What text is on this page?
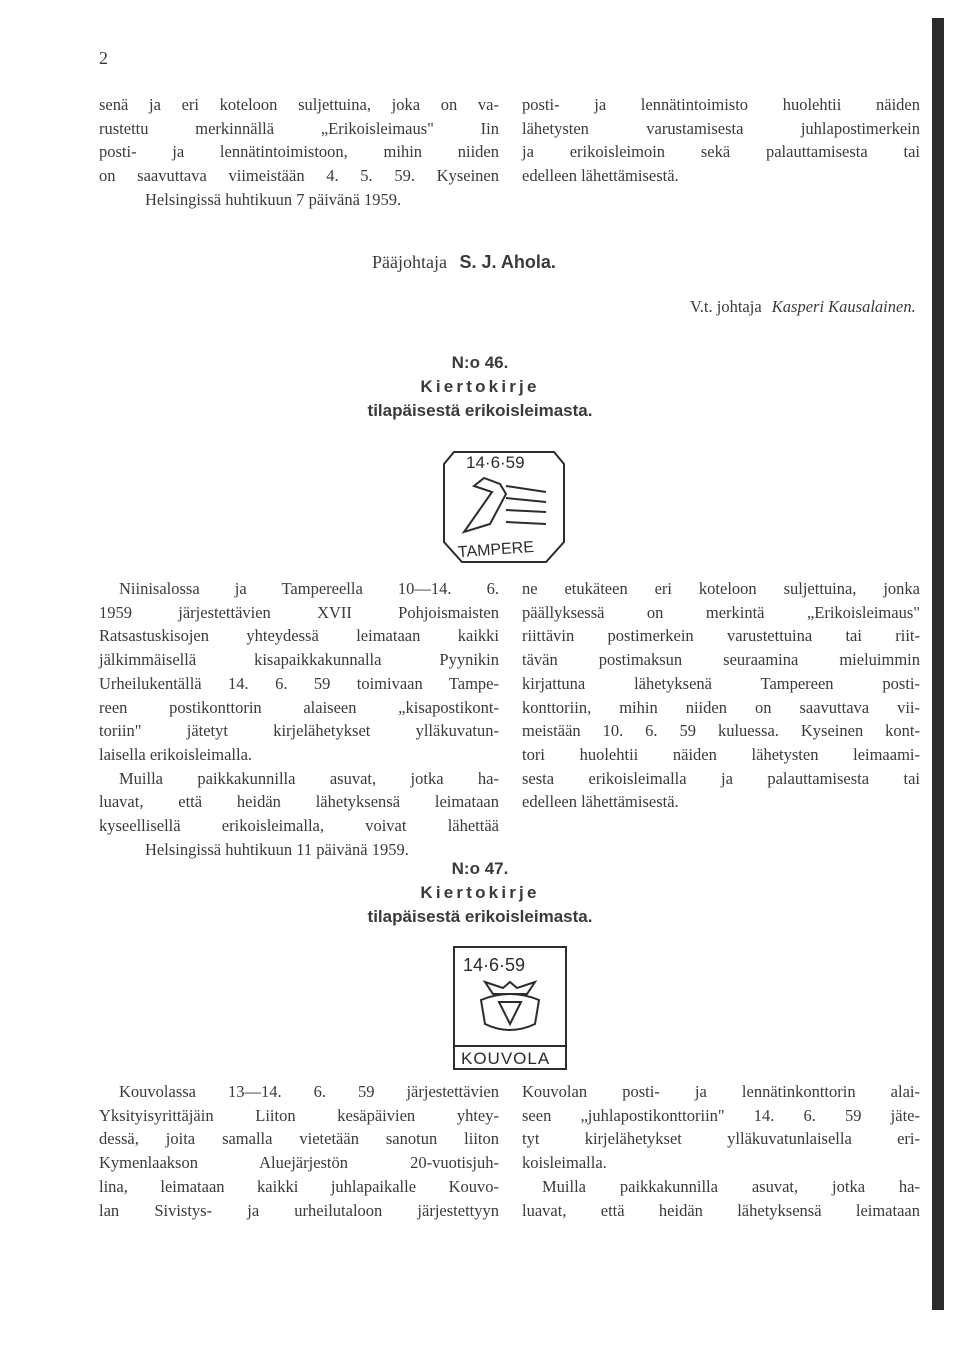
2
senä ja eri koteloon suljettuina, joka on va-
rustettu merkinnällä „Erikoisleimaus" Iin
posti- ja lennätintoimistoon, mihin niiden
on saavuttava viimeistään 4. 5. 59. Kyseinen
Helsingissä huhtikuun 7 päivänä 1959.
posti- ja lennätintoimisto huolehtii näiden
lähetysten varustamisesta juhlapostimerkein
ja erikoisleimoin sekä palauttamisesta tai
edelleen lähettämisestä.
Pääjohtaja S. J. Ahola.
V.t. johtaja Kasperi Kausalainen.
N:o 46.
Kiertokirje
tilapäisestä erikoisleimasta.
14·6·59
TAMPERE
Niinisalossa ja Tampereella 10—14. 6.
1959 järjestettävien XVII Pohjoismaisten
Ratsastuskisojen yhteydessä leimataan kaikki
jälkimmäisellä kisapaikkakunnalla Pyynikin
Urheilukentällä 14. 6. 59 toimivaan Tampe-
reen postikonttorin alaiseen „kisapostikont-
toriin" jätetyt kirjelähetykset ylläkuvatun-
laisella erikoisleimalla.
Muilla paikkakunnilla asuvat, jotka ha-
luavat, että heidän lähetyksensä leimataan
kyseellisellä erikoisleimalla, voivat lähettää
Helsingissä huhtikuun 11 päivänä 1959.
ne etukäteen eri koteloon suljettuina, jonka
päällyksessä on merkintä „Erikoisleimaus"
riittävin postimerkein varustettuina tai riit-
tävän postimaksun seuraamina mieluimmin
kirjattuna lähetyksenä Tampereen posti-
konttoriin, mihin niiden on saavuttava vii-
meistään 10. 6. 59 kuluessa. Kyseinen kont-
tori huolehtii näiden lähetysten leimaami-
sesta erikoisleimalla ja palauttamisesta tai
edelleen lähettämisestä.
N:o 47.
Kiertokirje
tilapäisestä erikoisleimasta.
14·6·59
KOUVOLA
Kouvolassa 13—14. 6. 59 järjestettävien
Yksityisyrittäjäin Liiton kesäpäivien yhtey-
dessä, joita samalla vietetään sanotun liiton
Kymenlaakson Aluejärjestön 20-vuotisjuh-
lina, leimataan kaikki juhlapaikalle Kouvo-
lan Sivistys- ja urheilutaloon järjestettyyn
Kouvolan posti- ja lennätinkonttorin alai-
seen „juhlapostikonttoriin" 14. 6. 59 jäte-
tyt kirjelähetykset ylläkuvatunlaisella eri-
koisleimalla.
Muilla paikkakunnilla asuvat, jotka ha-
luavat, että heidän lähetyksensä leimataan
